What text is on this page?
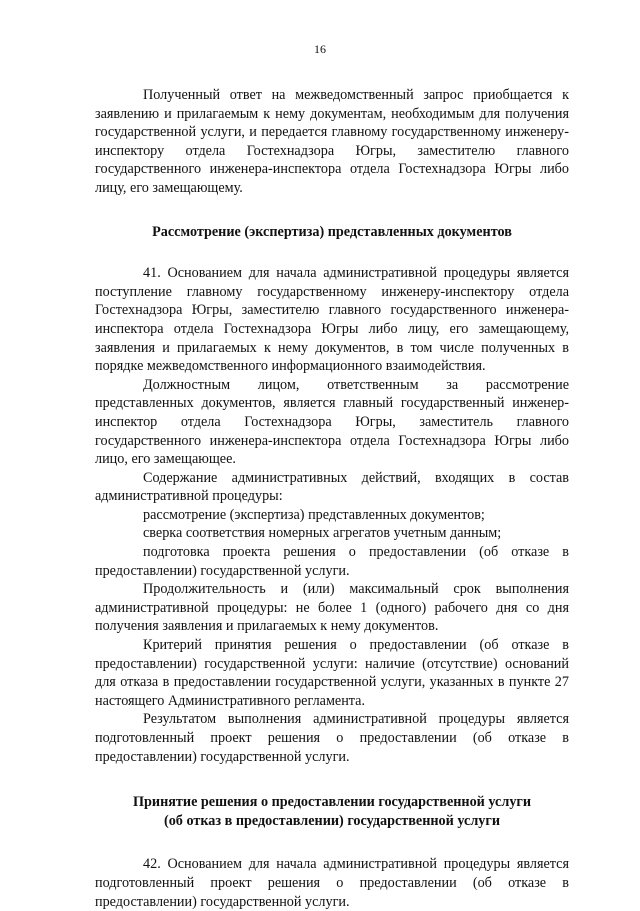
16

Полученный ответ на межведомственный запрос приобщается к заявлению и прилагаемым к нему документам, необходимым для получения государственной услуги, и передается главному государственному инженеру-инспектору отдела Гостехнадзора Югры, заместителю главного государственного инженера-инспектора отдела Гостехнадзора Югры либо лицу, его замещающему.

Рассмотрение (экспертиза) представленных документов

41. Основанием для начала административной процедуры является поступление главному государственному инженеру-инспектору отдела Гостехнадзора Югры, заместителю главного государственного инженера-инспектора отдела Гостехнадзора Югры либо лицу, его замещающему, заявления и прилагаемых к нему документов, в том числе полученных в порядке межведомственного информационного взаимодействия.

Должностным лицом, ответственным за рассмотрение представленных документов, является главный государственный инженер-инспектор отдела Гостехнадзора Югры, заместитель главного государственного инженера-инспектора отдела Гостехнадзора Югры либо лицо, его замещающее.

Содержание административных действий, входящих в состав административной процедуры:

рассмотрение (экспертиза) представленных документов;

сверка соответствия номерных агрегатов учетным данным;

подготовка проекта решения о предоставлении (об отказе в предоставлении) государственной услуги.

Продолжительность и (или) максимальный срок выполнения административной процедуры: не более 1 (одного) рабочего дня со дня получения заявления и прилагаемых к нему документов.

Критерий принятия решения о предоставлении (об отказе в предоставлении) государственной услуги: наличие (отсутствие) оснований для отказа в предоставлении государственной услуги, указанных в пункте 27 настоящего Административного регламента.

Результатом выполнения административной процедуры является подготовленный проект решения о предоставлении (об отказе в предоставлении) государственной услуги.

Принятие решения о предоставлении государственной услуги
(об отказ в предоставлении) государственной услуги

42. Основанием для начала административной процедуры является подготовленный проект решения о предоставлении (об отказе в предоставлении) государственной услуги.
